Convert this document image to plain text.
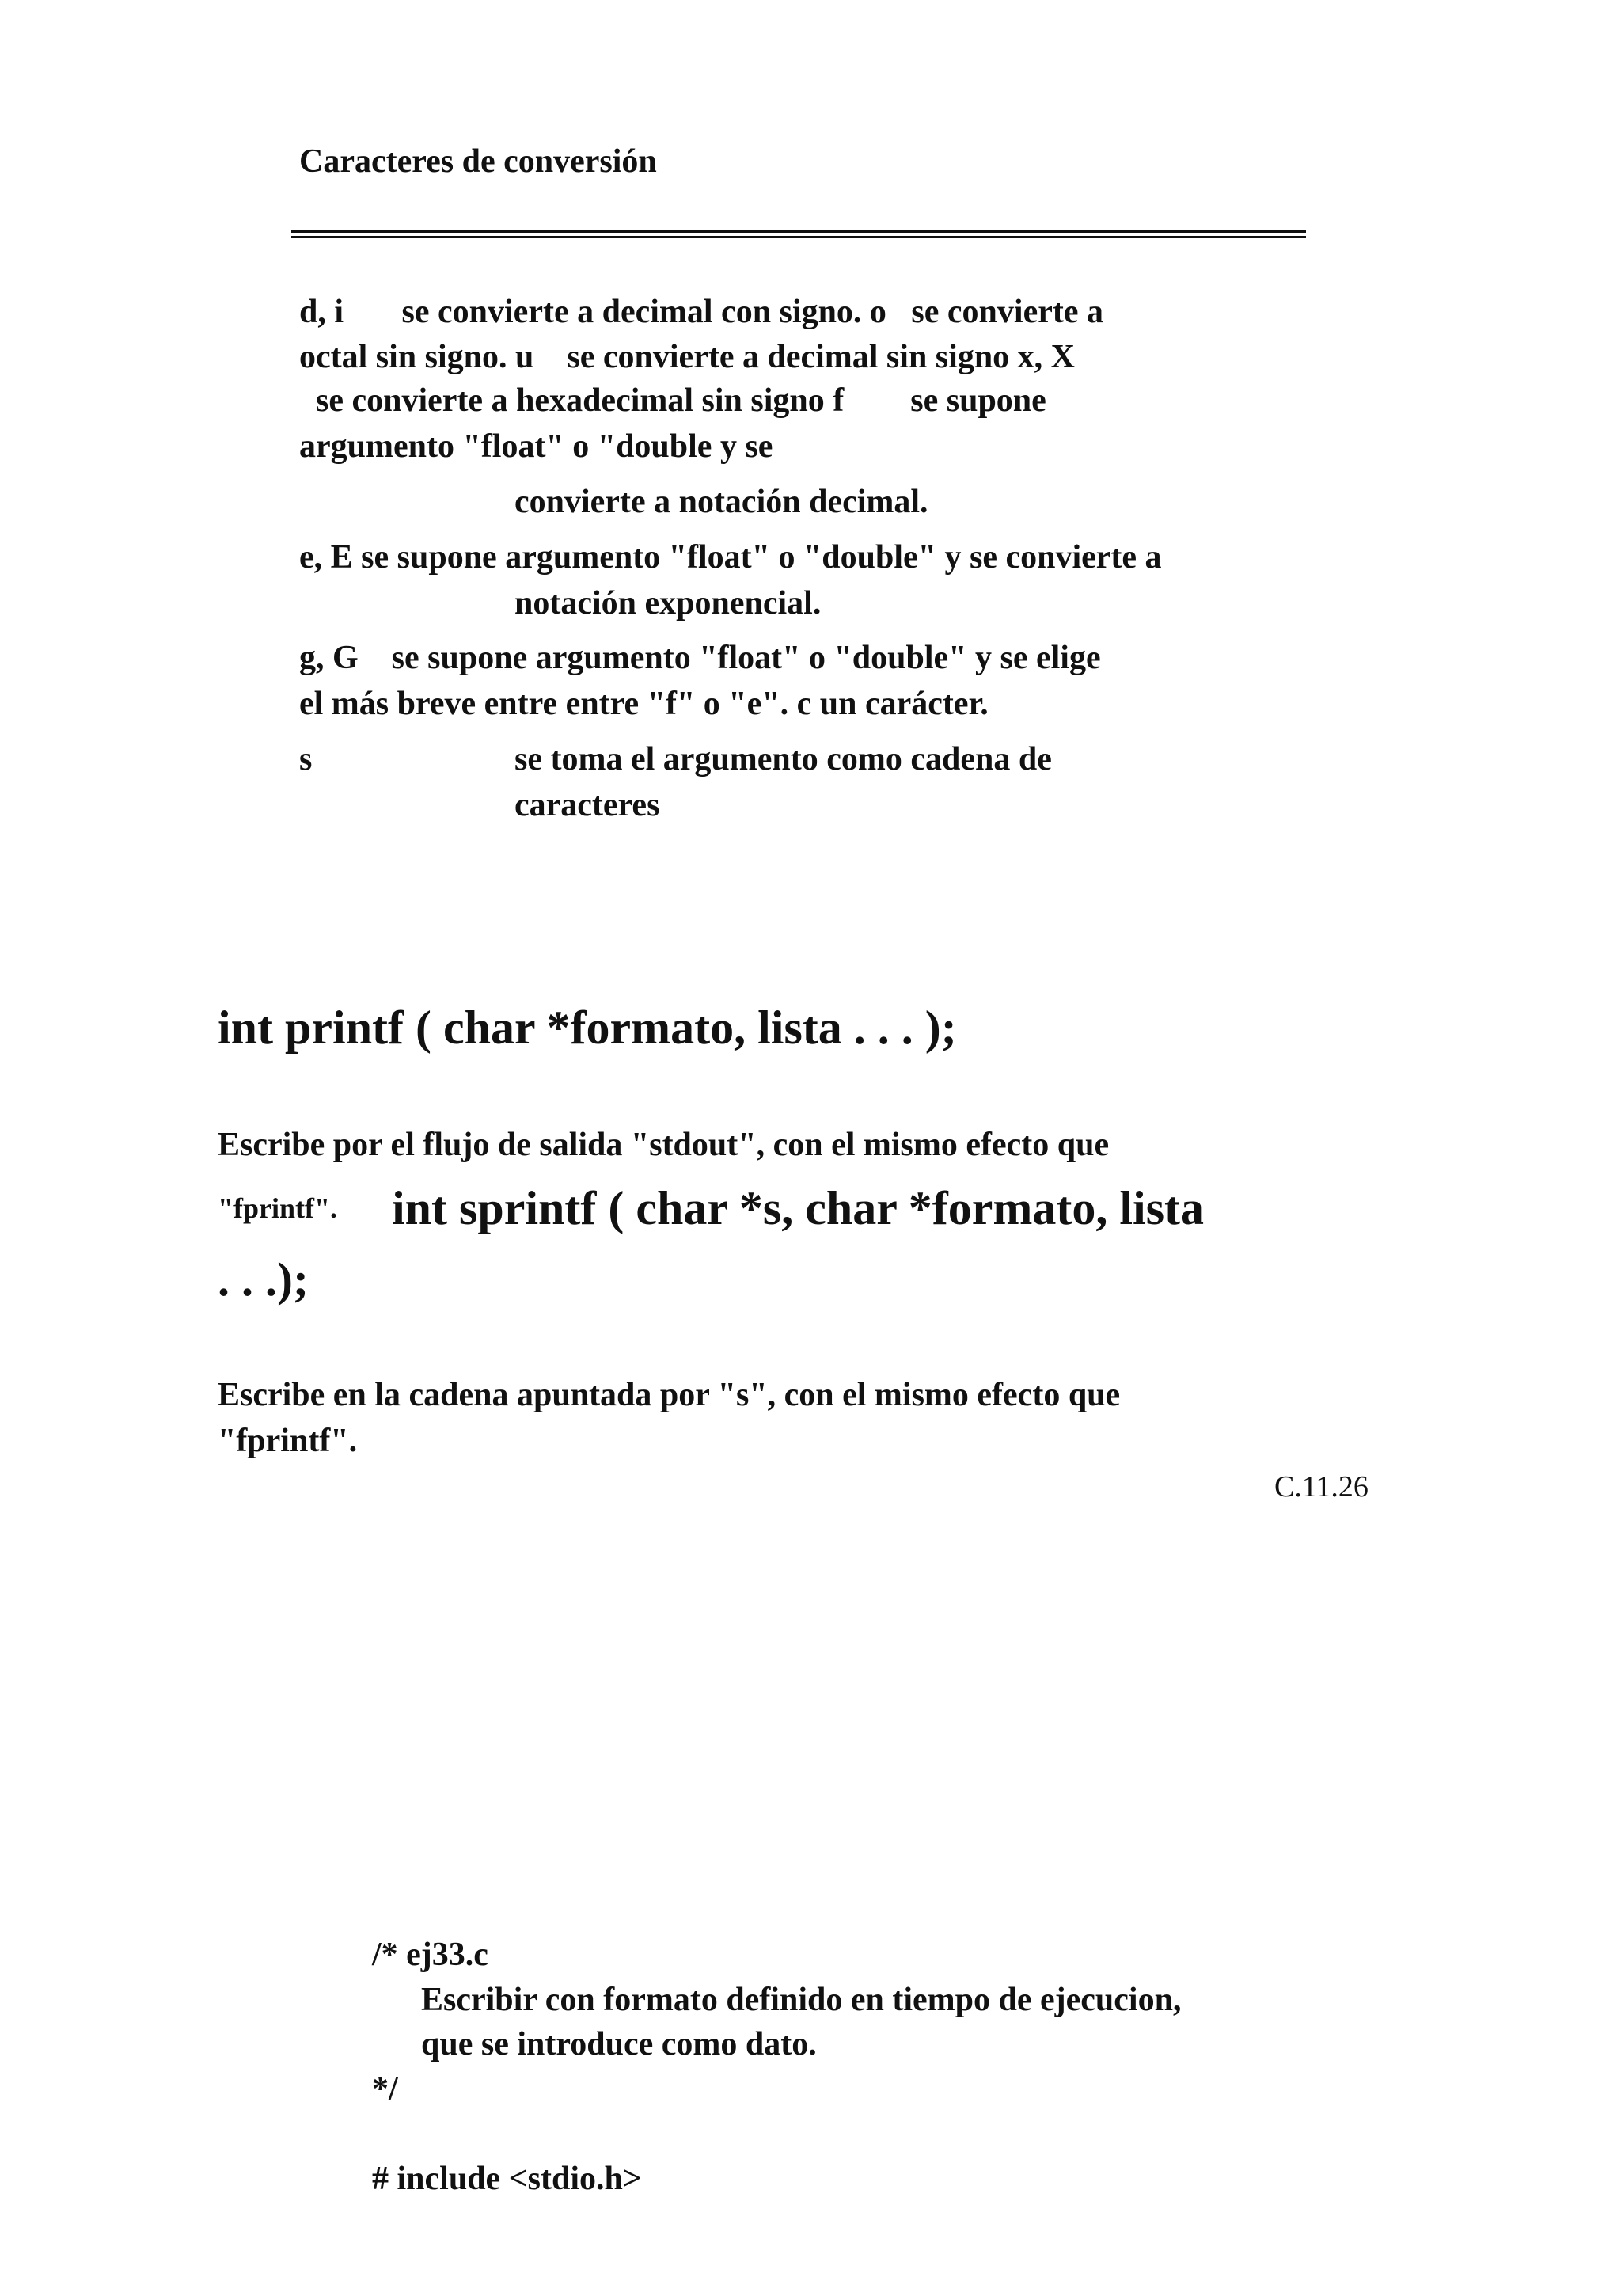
Caracteres de conversión
d, i       se convierte a decimal con signo. o   se convierte a
octal sin signo. u    se convierte a decimal sin signo x, X
se convierte a hexadecimal sin signo f        se supone
argumento "float" o "double y se
convierte a notación decimal.
e, E se supone argumento "float" o "double" y se convierte a
notación exponencial.
g, G    se supone argumento "float" o "double" y se elige
el más breve entre entre "f" o "e". c un carácter.
s	se toma el argumento como cadena de
caracteres
int printf ( char *formato, lista . . . );
Escribe por el flujo de salida "stdout", con el mismo efecto que
"fprintf". int sprintf ( char *s, char *formato, lista
. . .);
Escribe en la cadena apuntada por "s", con el mismo efecto que
"fprintf".
C.11.26
/* ej33.c
Escribir con formato definido en tiempo de ejecucion,
que se introduce como dato.
*/
# include <stdio.h>
